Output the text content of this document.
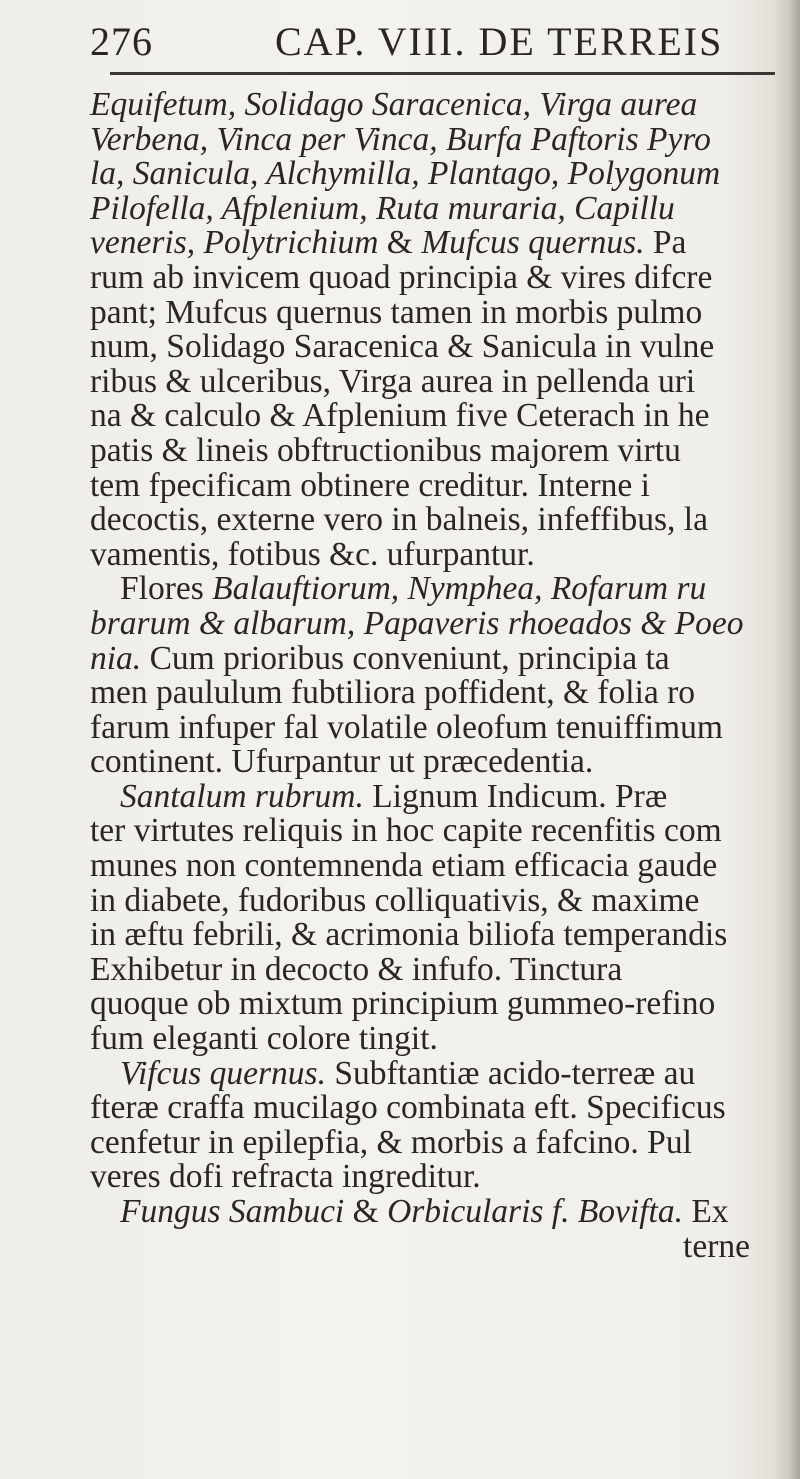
276	CAP. VIII. DE TERREIS
Equifetum, Solidago Saracenica, Virga aurea
Verbena, Vinca per Vinca, Burfa Paftoris Pyro
la, Sanicula, Alchymilla, Plantago, Polygonum
Pilofella, Afplenium, Ruta muraria, Capillu
veneris, Polytrichium & Mufcus quernus. Pa
rum ab invicem quoad principia & vires difcre
pant; Mufcus quernus tamen in morbis pulmo
num, Solidago Saracenica & Sanicula in vulne
ribus & ulceribus, Virga aurea in pellenda uri
na & calculo & Afplenium five Ceterach in he
patis & lineis obftructionibus majorem virtu
tem fpecificam obtinere creditur. Interne i
decoctis, externe vero in balneis, infeffibus, la
vamentis, fotibus &c. ufurpantur.
Flores Balauftiorum, Nymphea, Rofarum ru
brarum & albarum, Papaveris rhoeados & Poeo
nia. Cum prioribus conveniunt, principia ta
men paululum fubtiliora poffident, & folia ro
farum infuper fal volatile oleofum tenuiffimum
continent. Ufurpantur ut præcedentia.
Santalum rubrum. Lignum Indicum. Præ
ter virtutes reliquis in hoc capite recenfitis com
munes non contemnenda etiam efficacia gaude
in diabete, fudoribus colliquativis, & maxime
in æftu febrili, & acrimonia biliofa temperandis
Exhibetur in decocto & infufo. Tinctura
quoque ob mixtum principium gummeo-refino
fum eleganti colore tingit.
Vifcus quernus. Subftantiæ acido-terreæ au
fteræ craffa mucilago combinata eft. Specificus
cenfetur in epilepfia, & morbis a fafcino. Pul
veres dofi refracta ingreditur.
Fungus Sambuci & Orbicularis f. Bovifta. Ex
terne
